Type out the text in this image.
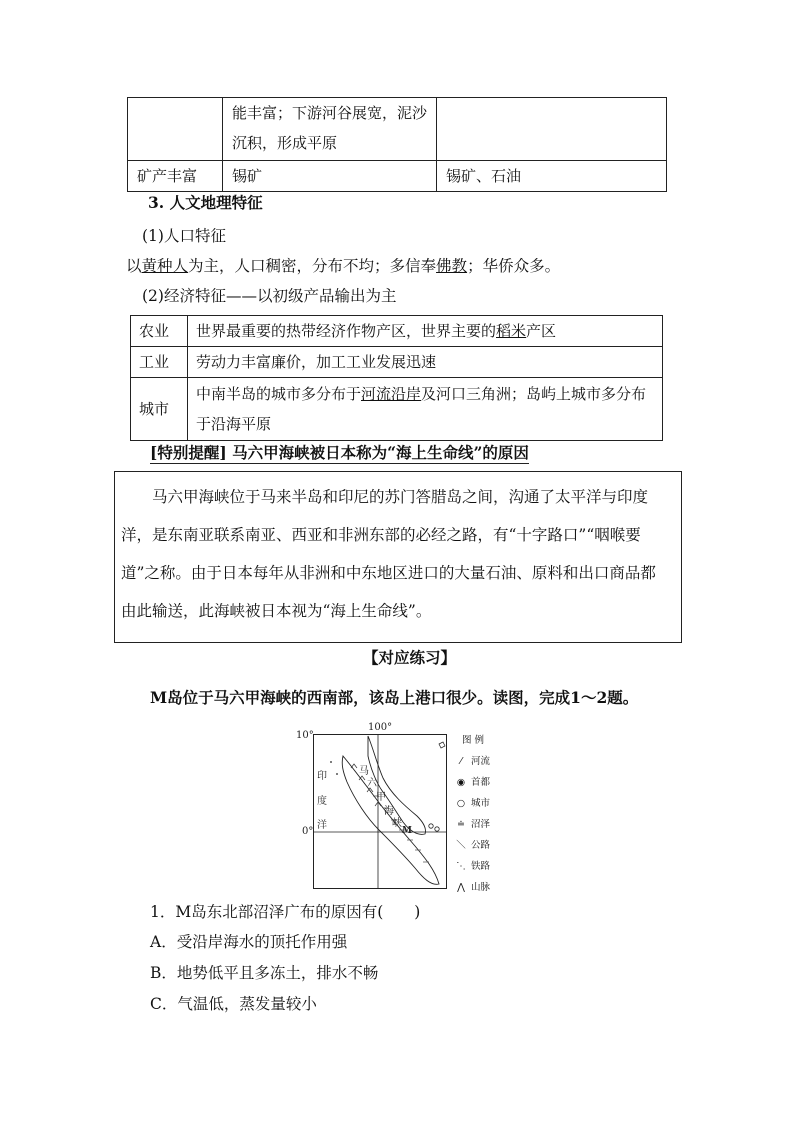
	能丰富；下游河谷展宽，泥沙沉积，形成平原	
矿产丰富	锡矿	锡矿、石油
3. 人文地理特征
(1)人口特征
以黄种人为主，人口稠密，分布不均；多信奉佛教；华侨众多。
(2)经济特征——以初级产品输出为主
农业	世界最重要的热带经济作物产区，世界主要的稻米产区
工业	劳动力丰富廉价，加工工业发展迅速
城市	中南半岛的城市多分布于河流沿岸及河口三角洲；岛屿上城市多分布于沿海平原
[特别提醒] 马六甲海峡被日本称为“海上生命线”的原因

马六甲海峡位于马来半岛和印尼的苏门答腊岛之间，沟通了太平洋与印度洋，是东南亚联系南亚、西亚和非洲东部的必经之路，有“十字路口”“咽喉要道”之称。由于日本每年从非洲和中东地区进口的大量石油、原料和出口商品都由此输送，此海峡被日本视为“海上生命线”。

【对应练习】
M岛位于马六甲海峡的西南部，该岛上港口很少。读图，完成1～2题。
10°
100°
0°
印
度
洋
马
六
甲
海
峡
M
图 例
⁄ 河流
◉ 首都
○ 城市
≐ 沼泽
＼ 公路
⋱ 铁路
⋀ 山脉
1．M岛东北部沼泽广布的原因有(　　)
A．受沿岸海水的顶托作用强
B．地势低平且多冻土，排水不畅
C．气温低，蒸发量较小
